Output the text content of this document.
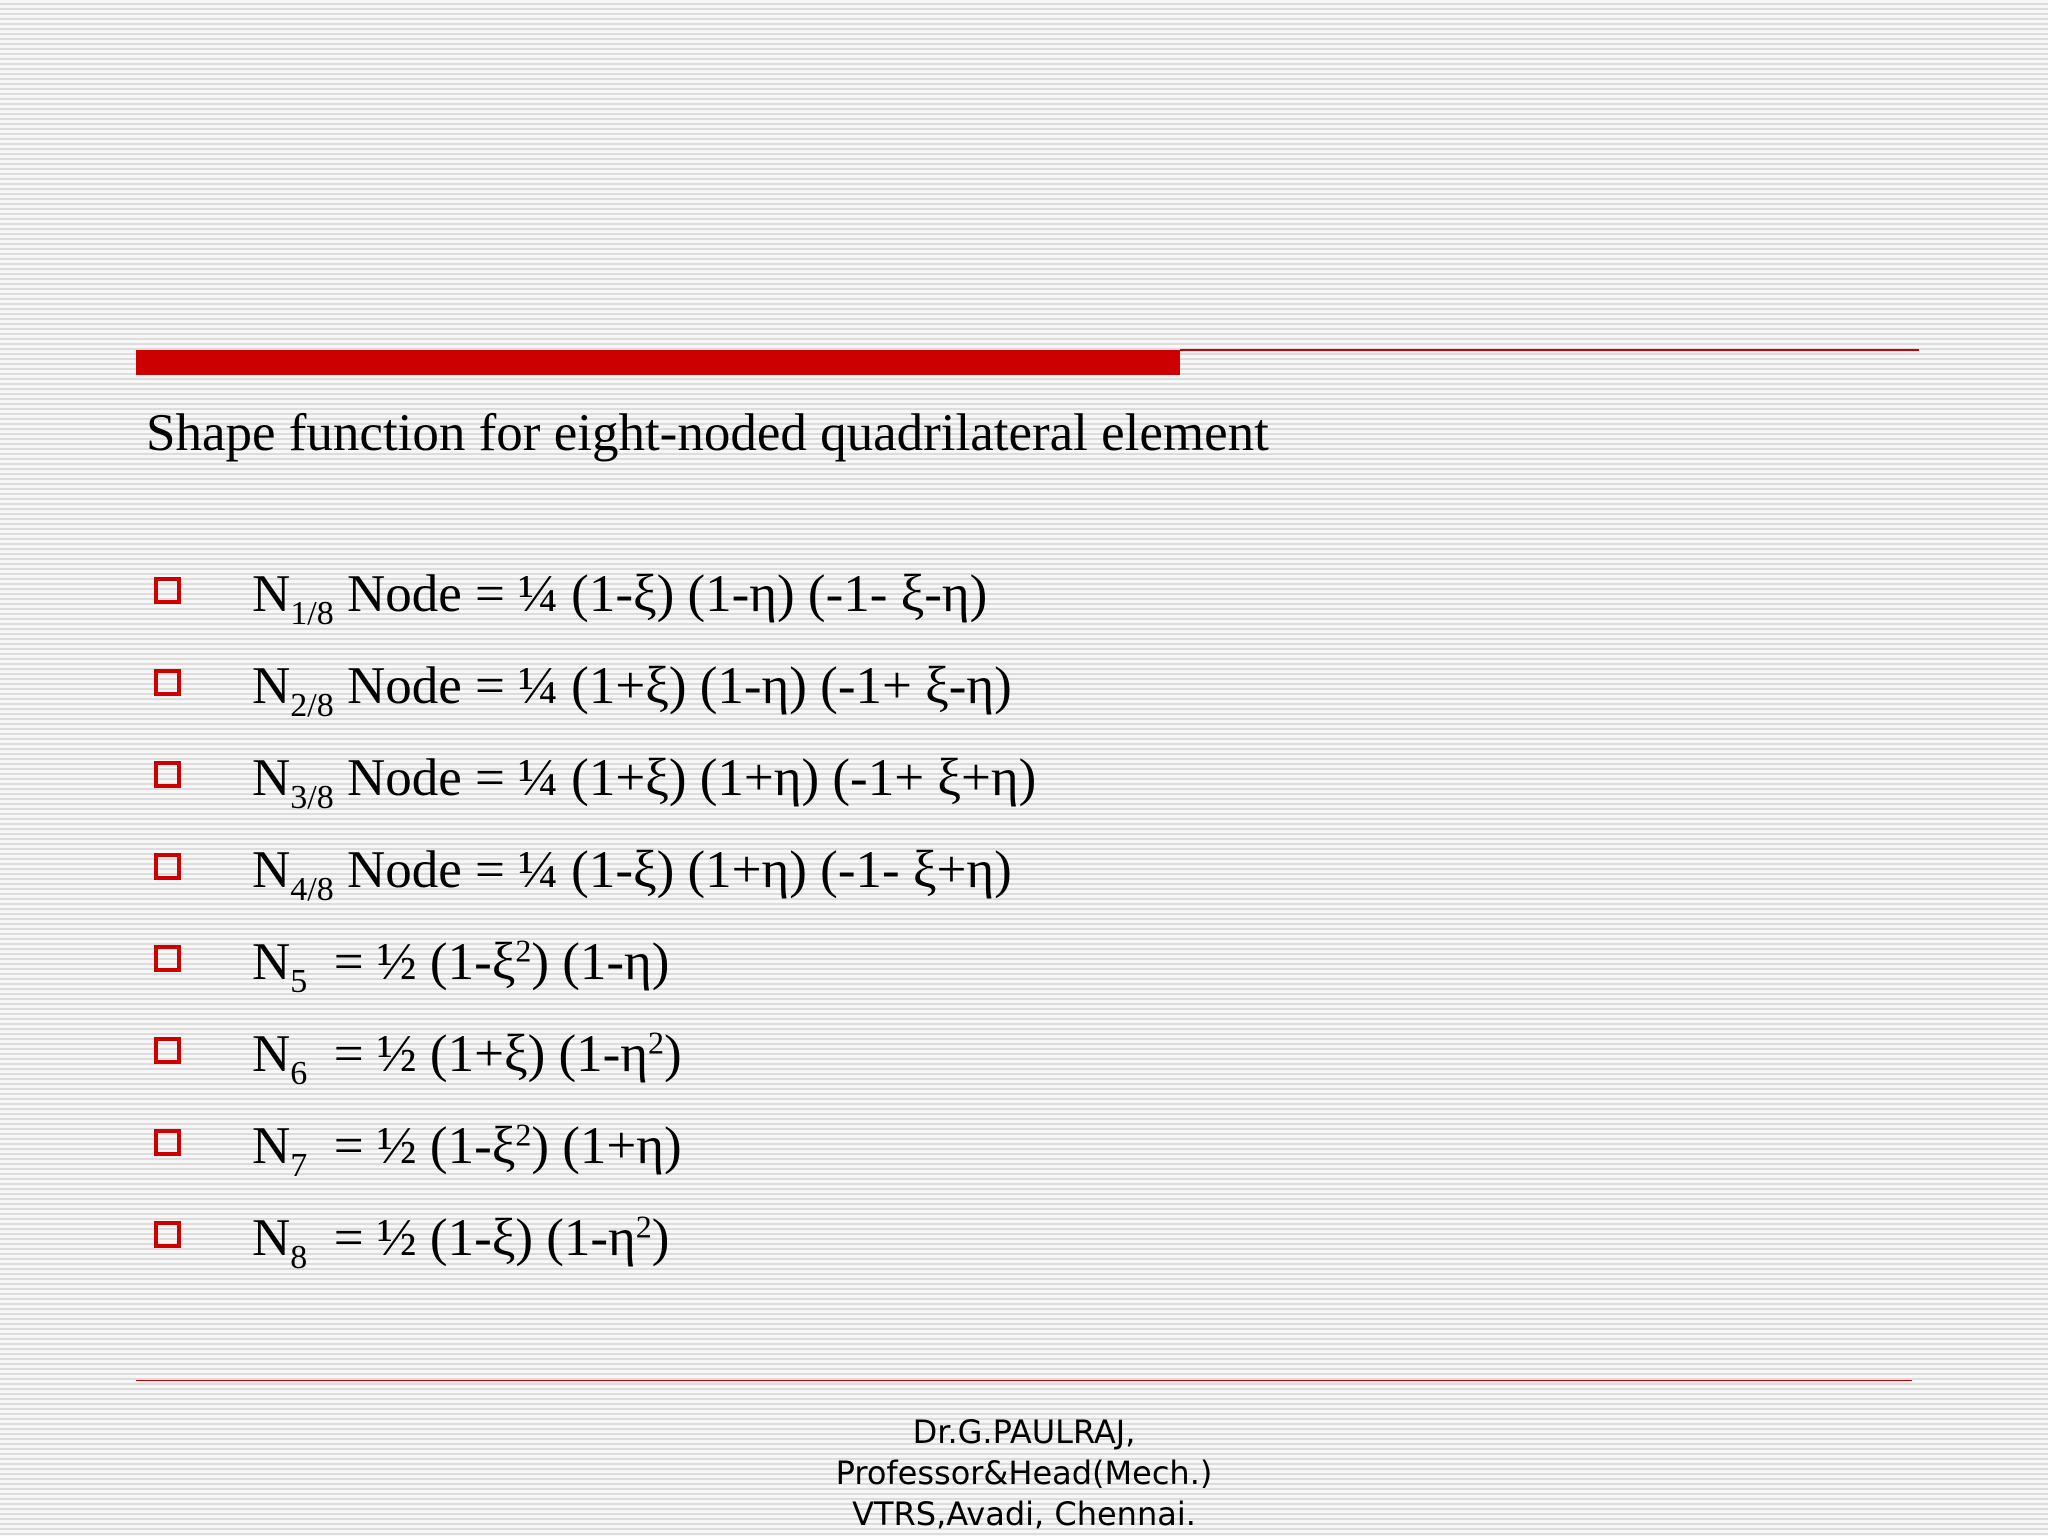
Shape function for eight-noded quadrilateral element
$N_{1/8}$ Node = ¼ (1-ξ) (1-η) (-1- ξ-η)
$N_{2/8}$ Node = ¼ (1+ξ) (1-η) (-1+ ξ-η)
$N_{3/8}$ Node = ¼ (1+ξ) (1+η) (-1+ ξ+η)
$N_{4/8}$ Node = ¼ (1-ξ) (1+η) (-1- ξ+η)
$N_5$  = ½ $(1-\xi^2)$ (1-η)
$N_6$  = ½ (1+ξ) $(1-\eta^2)$
$N_7$  = ½ $(1-\xi^2)$ (1+η)
$N_8$  = ½ (1-ξ) $(1-\eta^2)$
Dr.G.PAULRAJ,
Professor&Head(Mech.)
VTRS,Avadi, Chennai.
